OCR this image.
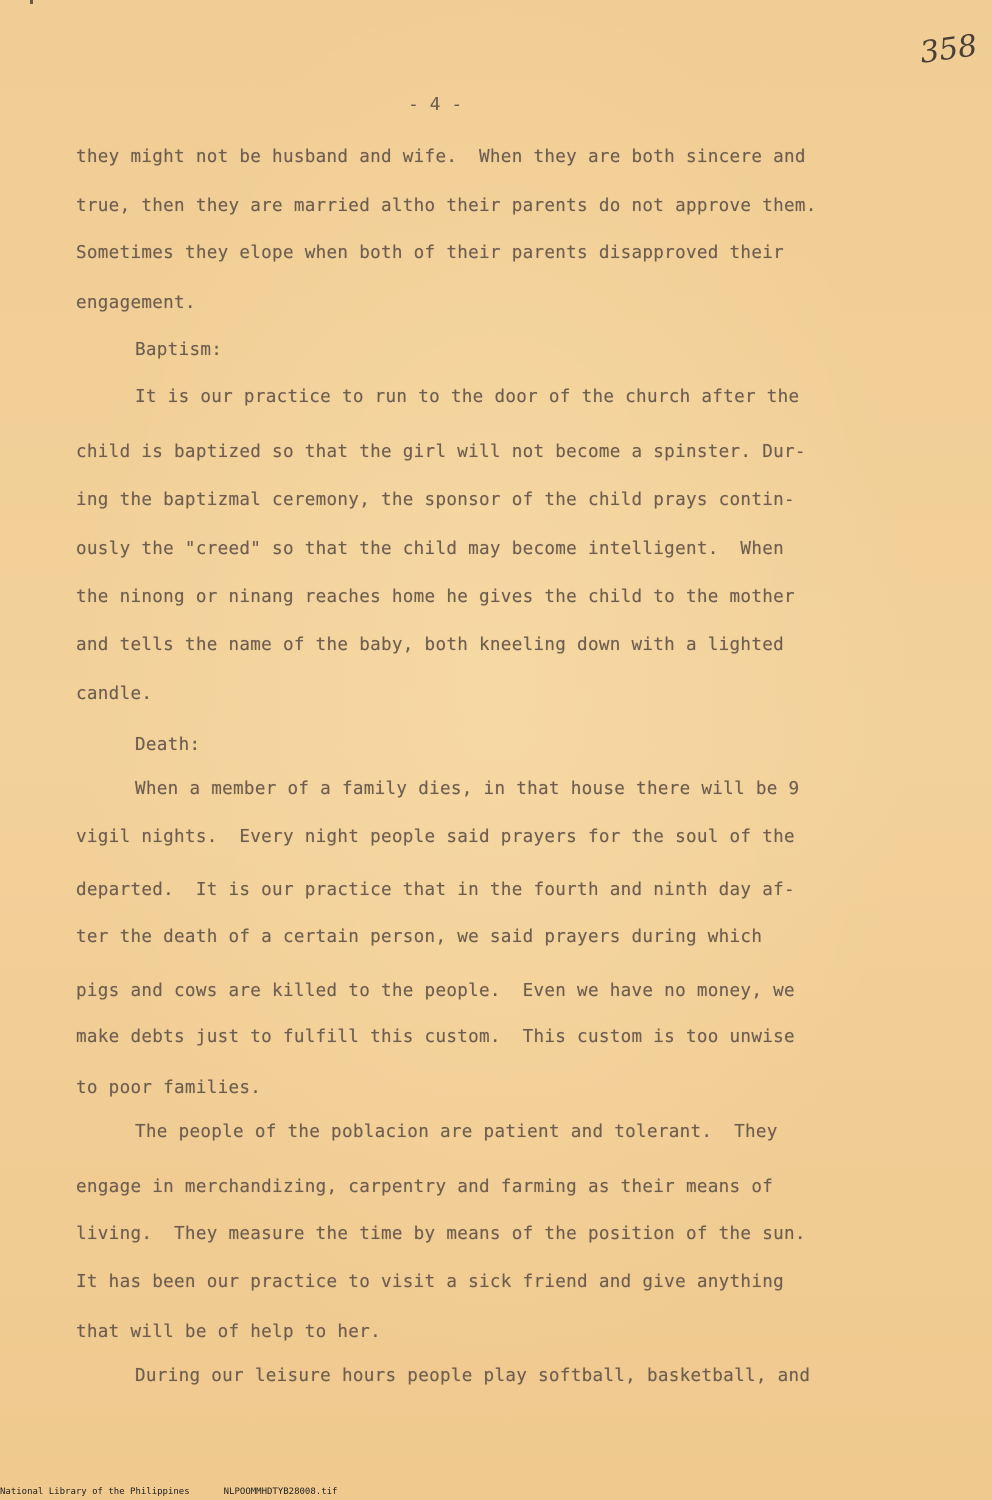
358
- 4 -
they might not be husband and wife.  When they are both sincere and
true, then they are married altho their parents do not approve them.
Sometimes they elope when both of their parents disapproved their
engagement.
Baptism:
It is our practice to run to the door of the church after the
child is baptized so that the girl will not become a spinster. Dur-
ing the baptizmal ceremony, the sponsor of the child prays contin-
ously the "creed" so that the child may become intelligent.  When
the ninong or ninang reaches home he gives the child to the mother
and tells the name of the baby, both kneeling down with a lighted
candle.
Death:
When a member of a family dies, in that house there will be 9
vigil nights.  Every night people said prayers for the soul of the
departed.  It is our practice that in the fourth and ninth day af-
ter the death of a certain person, we said prayers during which
pigs and cows are killed to the people.  Even we have no money, we
make debts just to fulfill this custom.  This custom is too unwise
to poor families.
The people of the poblacion are patient and tolerant.  They
engage in merchandizing, carpentry and farming as their means of
living.  They measure the time by means of the position of the sun.
It has been our practice to visit a sick friend and give anything
that will be of help to her.
During our leisure hours people play softball, basketball, and
National Library of the Philippines	NLPOOMMHDTYB28008.tif
